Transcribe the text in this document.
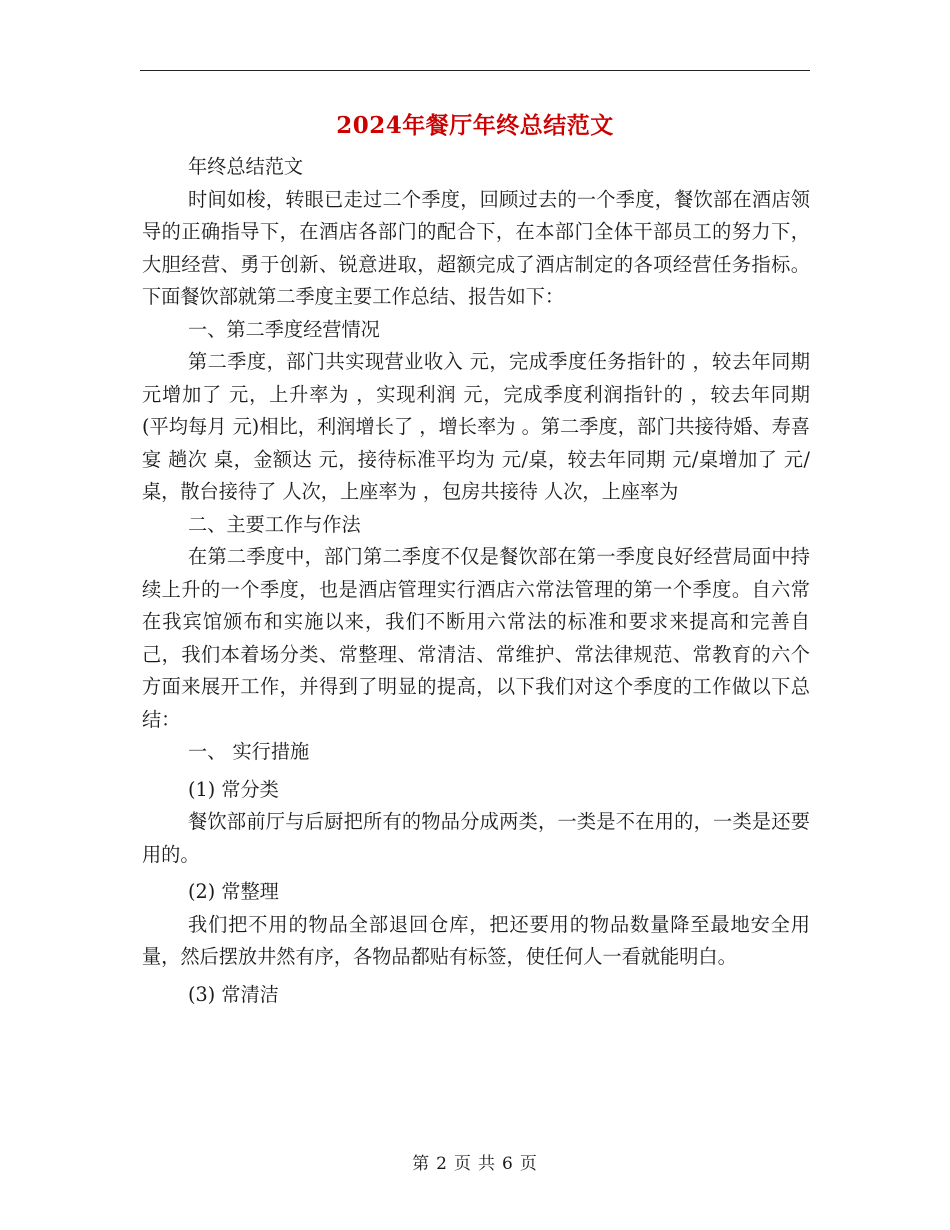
2024年餐厅年终总结范文

年终总结范文

时间如梭，转眼已走过二个季度，回顾过去的一个季度，餐饮部在酒店领导的正确指导下，在酒店各部门的配合下，在本部门全体干部员工的努力下，大胆经营、勇于创新、锐意进取，超额完成了酒店制定的各项经营任务指标。下面餐饮部就第二季度主要工作总结、报告如下：

一、第二季度经营情况

第二季度，部门共实现营业收入 元，完成季度任务指针的 ，较去年同期 元增加了 元，上升率为 ，实现利润 元，完成季度利润指针的 ，较去年同期 (平均每月 元)相比，利润增长了 ，增长率为 。第二季度，部门共接待婚、寿喜宴 趟次 桌，金额达 元，接待标准平均为 元/桌，较去年同期 元/桌增加了 元/桌，散台接待了 人次，上座率为 ，包房共接待 人次，上座率为

二、主要工作与作法

在第二季度中，部门第二季度不仅是餐饮部在第一季度良好经营局面中持续上升的一个季度，也是酒店管理实行酒店六常法管理的第一个季度。自六常在我宾馆颁布和实施以来，我们不断用六常法的标准和要求来提高和完善自己，我们本着场分类、常整理、常清洁、常维护、常法律规范、常教育的六个方面来展开工作，并得到了明显的提高，以下我们对这个季度的工作做以下总结：

一、 实行措施

(1) 常分类

餐饮部前厅与后厨把所有的物品分成两类，一类是不在用的，一类是还要用的。

(2) 常整理

我们把不用的物品全部退回仓库，把还要用的物品数量降至最地安全用量，然后摆放井然有序，各物品都贴有标签，使任何人一看就能明白。

(3) 常清洁

第 2 页 共 6 页
